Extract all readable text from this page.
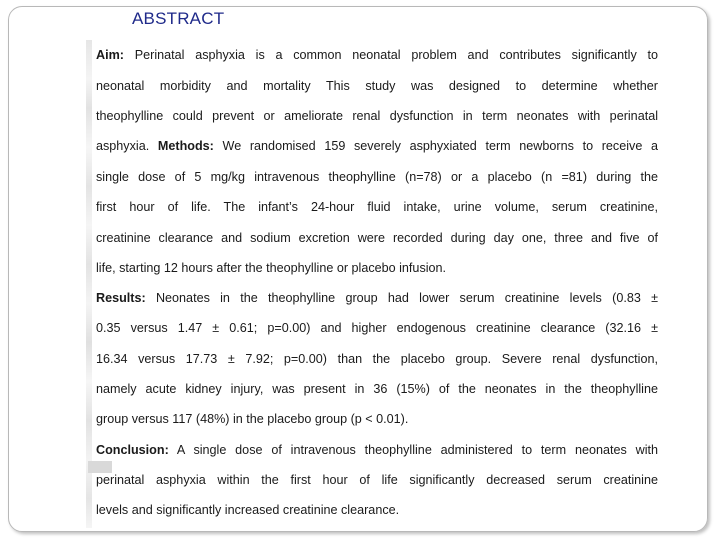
ABSTRACT
Aim: Perinatal asphyxia is a common neonatal problem and contributes significantly to
neonatal morbidity and mortality This study was designed to determine whether
theophylline could prevent or ameliorate renal dysfunction in term neonates with perinatal
asphyxia. Methods: We randomised 159 severely asphyxiated term newborns to receive a
single dose of 5 mg/kg intravenous theophylline (n=78) or a placebo (n =81) during the
first hour of life. The infant’s 24-hour fluid intake, urine volume, serum creatinine,
creatinine clearance and sodium excretion were recorded during day one, three and five of
life, starting 12 hours after the theophylline or placebo infusion.
Results: Neonates in the theophylline group had lower serum creatinine levels (0.83 ±
0.35 versus 1.47 ± 0.61; p=0.00) and higher endogenous creatinine clearance (32.16 ±
16.34 versus 17.73 ± 7.92; p=0.00) than the placebo group. Severe renal dysfunction,
namely acute kidney injury, was present in 36 (15%) of the neonates in the theophylline
group versus 117 (48%) in the placebo group (p < 0.01).
Conclusion: A single dose of intravenous theophylline administered to term neonates with
perinatal asphyxia within the first hour of life significantly decreased serum creatinine
levels and significantly increased creatinine clearance.
